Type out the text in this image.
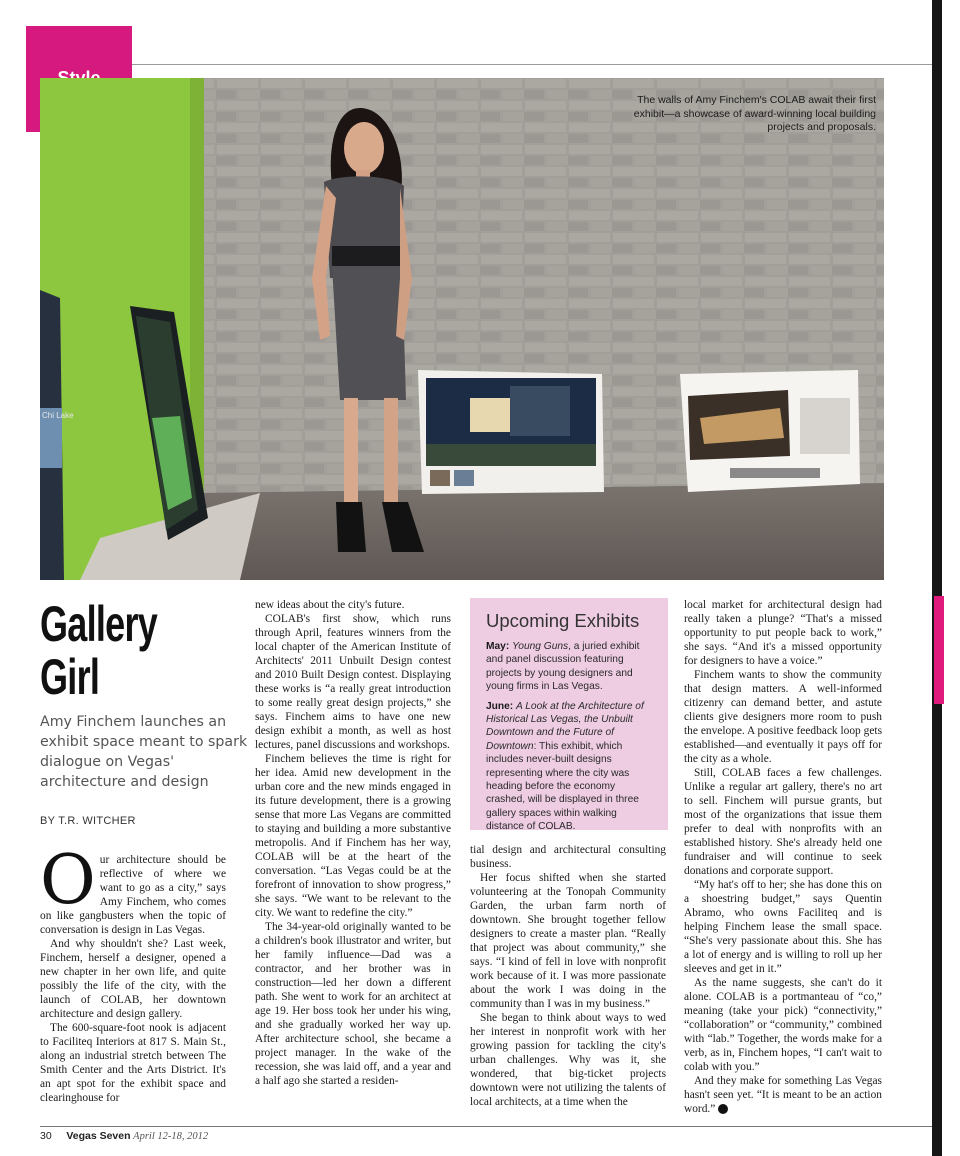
Chi Lake
The walls of Amy Finchem's COLAB await their first exhibit—a showcase of award-winning local building projects and proposals.
Gallery
Girl
Amy Finchem launches an exhibit space meant to spark dialogue on Vegas' architecture and design
BY T.R. WITCHER

Our architecture should be reflective of where we want to go as a city,” says Amy Finchem, who comes on like gangbusters when the topic of conversation is design in Las Vegas.

And why shouldn't she? Last week, Finchem, herself a designer, opened a new chapter in her own life, and quite possibly the life of the city, with the launch of COLAB, her downtown architecture and design gallery.

The 600-square-foot nook is adjacent to Faciliteq Interiors at 817 S. Main St., along an industrial stretch between The Smith Center and the Arts District. It's an apt spot for the exhibit space and clearinghouse for

new ideas about the city's future.

COLAB's first show, which runs through April, features winners from the local chapter of the American Institute of Architects' 2011 Unbuilt Design contest and 2010 Built Design contest. Displaying these works is “a really great introduction to some really great design projects,” she says. Finchem aims to have one new design exhibit a month, as well as host lectures, panel discussions and workshops.

Finchem believes the time is right for her idea. Amid new development in the urban core and the new minds engaged in its future development, there is a growing sense that more Las Vegans are committed to staying and building a more substantive metropolis. And if Finchem has her way, COLAB will be at the heart of the conversation. “Las Vegas could be at the forefront of innovation to show progress,” she says. “We want to be relevant to the city. We want to redefine the city.”

The 34-year-old originally wanted to be a children's book illustrator and writer, but her family influence—Dad was a contractor, and her brother was in construction—led her down a different path. She went to work for an architect at age 19. Her boss took her under his wing, and she gradually worked her way up. After architecture school, she became a project manager. In the wake of the recession, she was laid off, and a year and a half ago she started a residen-

Upcoming Exhibits

May: Young Guns, a juried exhibit and panel discussion featuring projects by young designers and young firms in Las Vegas.

June: A Look at the Architecture of Historical Las Vegas, the Unbuilt Downtown and the Future of Downtown: This exhibit, which includes never-built designs representing where the city was heading before the economy crashed, will be displayed in three gallery spaces within walking distance of COLAB.

tial design and architectural consulting business.

Her focus shifted when she started volunteering at the Tonopah Community Garden, the urban farm north of downtown. She brought together fellow designers to create a master plan. “Really that project was about community,” she says. “I kind of fell in love with nonprofit work because of it. I was more passionate about the work I was doing in the community than I was in my business.”

She began to think about ways to wed her interest in nonprofit work with her growing passion for tackling the city's urban challenges. Why was it, she wondered, that big-ticket projects downtown were not utilizing the talents of local architects, at a time when the

local market for architectural design had really taken a plunge? “That's a missed opportunity to put people back to work,” she says. “And it's a missed opportunity for designers to have a voice.”

Finchem wants to show the community that design matters. A well-informed citizenry can demand better, and astute clients give designers more room to push the envelope. A positive feedback loop gets established—and eventually it pays off for the city as a whole.

Still, COLAB faces a few challenges. Unlike a regular art gallery, there's no art to sell. Finchem will pursue grants, but most of the organizations that issue them prefer to deal with nonprofits with an established history. She's already held one fundraiser and will continue to seek donations and corporate support.

“My hat's off to her; she has done this on a shoestring budget,” says Quentin Abramo, who owns Faciliteq and is helping Finchem lease the small space. “She's very passionate about this. She has a lot of energy and is willing to roll up her sleeves and get in it.”

As the name suggests, she can't do it alone. COLAB is a portmanteau of “co,” meaning (take your pick) “connectivity,” “collaboration” or “community,” combined with “lab.” Together, the words make for a verb, as in, Finchem hopes, “I can't wait to colab with you.”

And they make for something Las Vegas hasn't seen yet. “It is meant to be an action word.” 7

30 Vegas Seven April 12-18, 2012
